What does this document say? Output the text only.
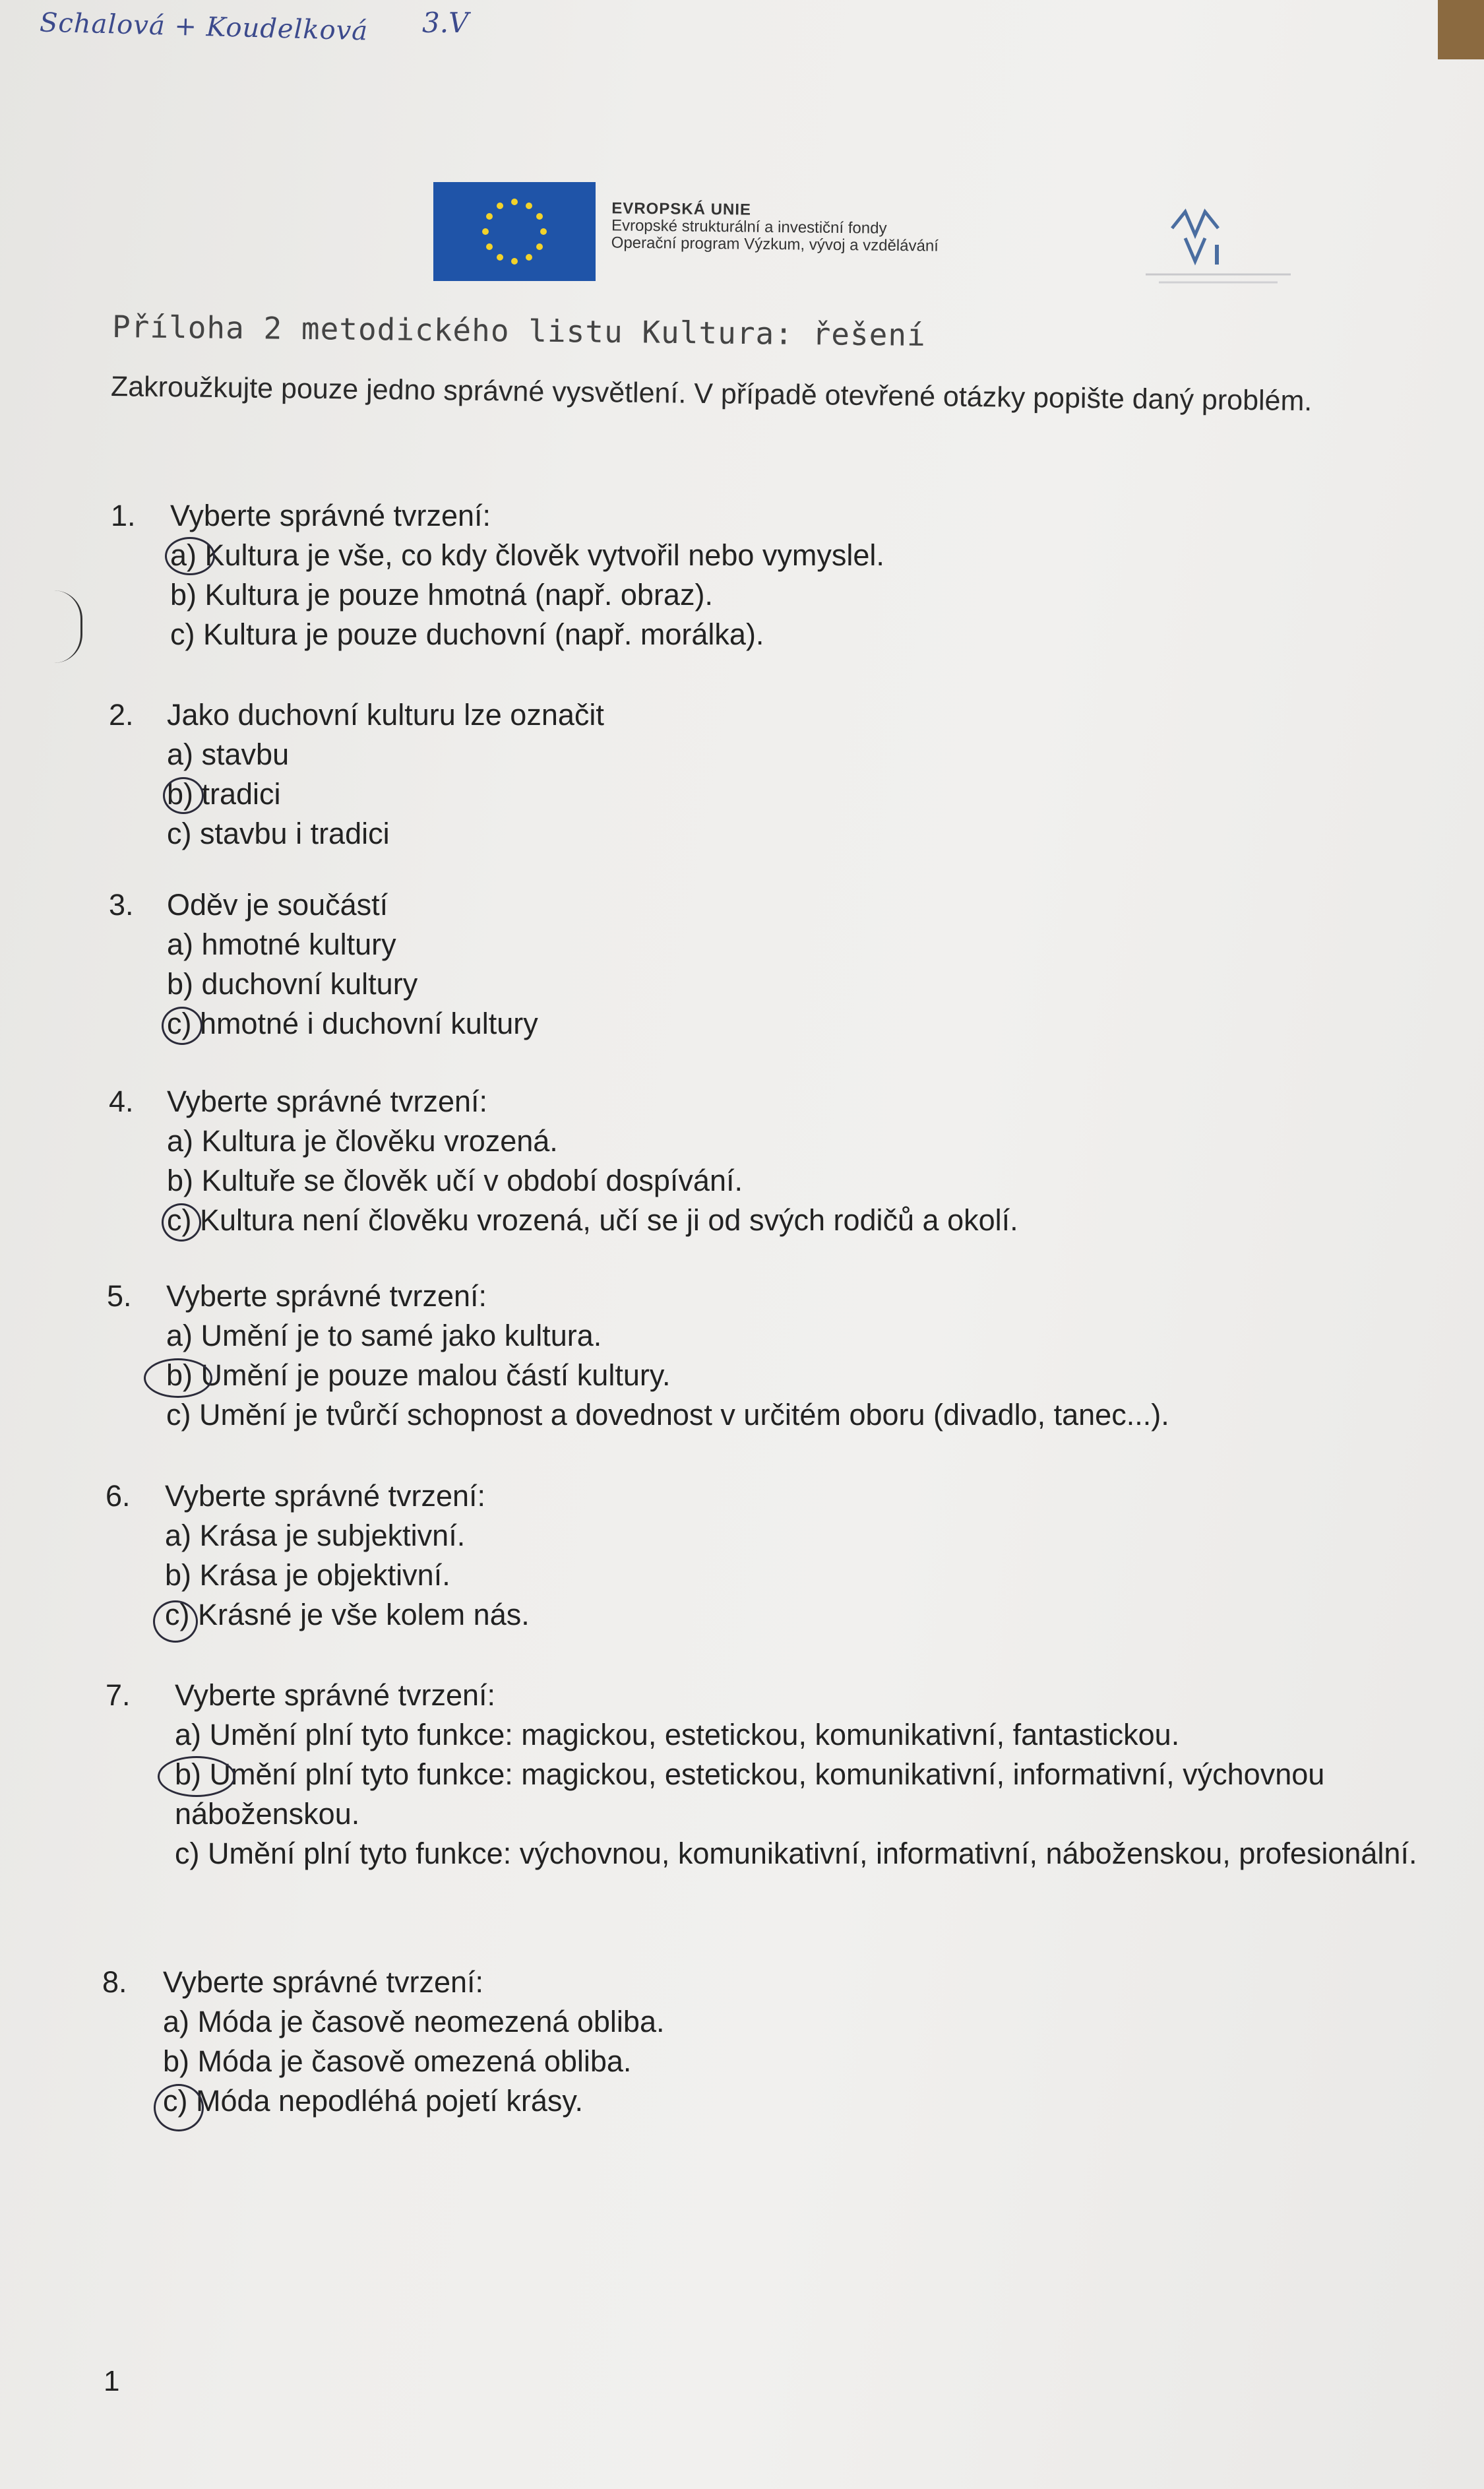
Schalová + Koudelková 3.V
EVROPSKÁ UNIE
Evropské strukturální a investiční fondy
Operační program Výzkum, vývoj a vzdělávání
Příloha 2 metodického listu Kultura: řešení
Zakroužkujte pouze jedno správné vysvětlení. V případě otevřené otázky popište daný problém.
1.	Vyberte správné tvrzení:
a) Kultura je vše, co kdy člověk vytvořil nebo vymyslel.
b) Kultura je pouze hmotná (např. obraz).
c) Kultura je pouze duchovní (např. morálka).
2.	Jako duchovní kulturu lze označit
a) stavbu
b) tradici
c) stavbu i tradici
3.	Oděv je součástí
a) hmotné kultury
b) duchovní kultury
c) hmotné i duchovní kultury
4.	Vyberte správné tvrzení:
a) Kultura je člověku vrozená.
b) Kultuře se člověk učí v období dospívání.
c) Kultura není člověku vrozená, učí se ji od svých rodičů a okolí.
5.	Vyberte správné tvrzení:
a) Umění je to samé jako kultura.
b) Umění je pouze malou částí kultury.
c) Umění je tvůrčí schopnost a dovednost v určitém oboru (divadlo, tanec...).
6.	Vyberte správné tvrzení:
a) Krása je subjektivní.
b) Krása je objektivní.
c) Krásné je vše kolem nás.
7.	Vyberte správné tvrzení:
a) Umění plní tyto funkce: magickou, estetickou, komunikativní, fantastickou.
b) Umění plní tyto funkce: magickou, estetickou, komunikativní, informativní, výchovnou náboženskou.
c) Umění plní tyto funkce: výchovnou, komunikativní, informativní, náboženskou, profesionální.
8.	Vyberte správné tvrzení:
a) Móda je časově neomezená obliba.
b) Móda je časově omezená obliba.
c) Móda nepodléhá pojetí krásy.
1
